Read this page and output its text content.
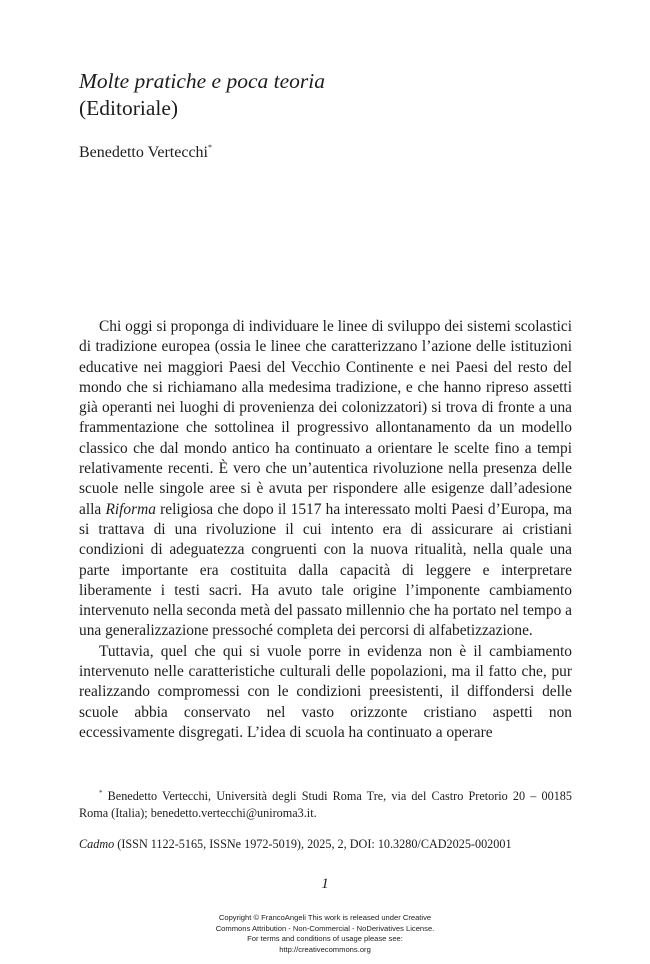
Molte pratiche e poca teoria
(Editoriale)
Benedetto Vertecchi*

Chi oggi si proponga di individuare le linee di sviluppo dei sistemi scolastici di tradizione europea (ossia le linee che caratterizzano l’azione delle istituzioni educative nei maggiori Paesi del Vecchio Continente e nei Paesi del resto del mondo che si richiamano alla medesima tradizione, e che hanno ripreso assetti già operanti nei luoghi di provenienza dei colonizzatori) si trova di fronte a una frammentazione che sottolinea il progressivo allontanamento da un modello classico che dal mondo antico ha continuato a orientare le scelte fino a tempi relativamente recenti. È vero che un’autentica rivoluzione nella presenza delle scuole nelle singole aree si è avuta per rispondere alle esigenze dall’adesione alla Riforma religiosa che dopo il 1517 ha interessato molti Paesi d’Europa, ma si trattava di una rivoluzione il cui intento era di assicurare ai cristiani condizioni di adeguatezza congruenti con la nuova ritualità, nella quale una parte importante era costituita dalla capacità di leggere e interpretare liberamente i testi sacri. Ha avuto tale origine l’imponente cambiamento intervenuto nella seconda metà del passato millennio che ha portato nel tempo a una generalizzazione pressoché completa dei percorsi di alfabetizzazione.

Tuttavia, quel che qui si vuole porre in evidenza non è il cambiamento intervenuto nelle caratteristiche culturali delle popolazioni, ma il fatto che, pur realizzando compromessi con le condizioni preesistenti, il diffondersi delle scuole abbia conservato nel vasto orizzonte cristiano aspetti non eccessivamente disgregati. L’idea di scuola ha continuato a operare

* Benedetto Vertecchi, Università degli Studi Roma Tre, via del Castro Pretorio 20 – 00185 Roma (Italia); benedetto.vertecchi@uniroma3.it.
Cadmo (ISSN 1122-5165, ISSNe 1972-5019), 2025, 2, DOI: 10.3280/CAD2025-002001
1
Copyright © FrancoAngeli This work is released under Creative
Commons Attribution - Non-Commercial - NoDerivatives License.
For terms and conditions of usage please see:
http://creativecommons.org
